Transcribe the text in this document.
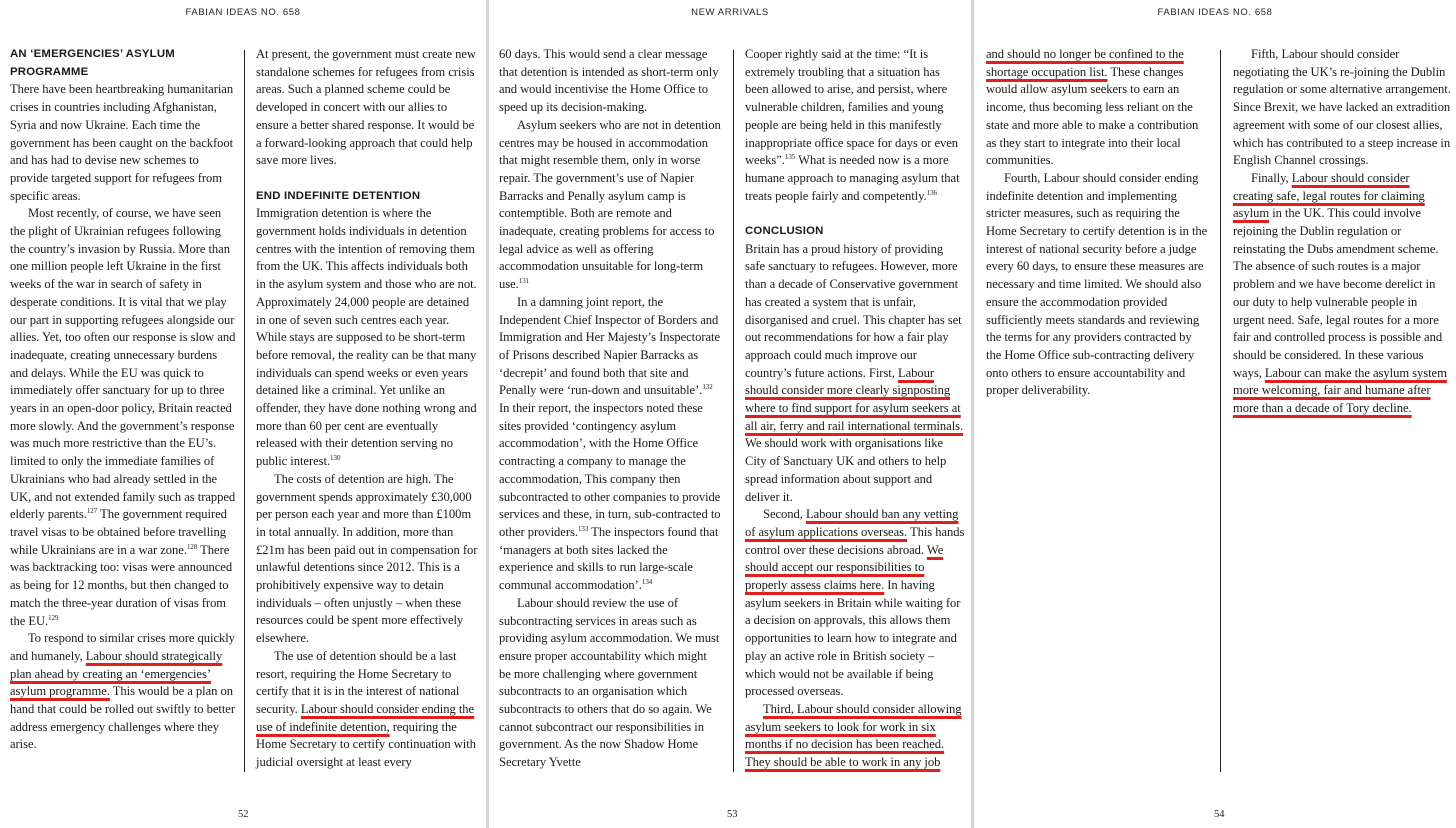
FABIAN IDEAS NO. 658
AN ‘EMERGENCIES’ ASYLUM PROGRAMME

There have been heartbreaking humanitarian crises in countries including Afghanistan, Syria and now Ukraine. Each time the government has been caught on the backfoot and has had to devise new schemes to provide targeted support for refugees from specific areas.

Most recently, of course, we have seen the plight of Ukrainian refugees following the country’s invasion by Russia. More than one million people left Ukraine in the first weeks of the war in search of safety in desperate conditions. It is vital that we play our part in supporting refugees alongside our allies. Yet, too often our response is slow and inadequate, creating unnecessary burdens and delays. While the EU was quick to immediately offer sanctuary for up to three years in an open-door policy, Britain reacted more slowly. And the government’s response was much more restrictive than the EU’s. limited to only the immediate families of Ukrainians who had already settled in the UK, and not extended family such as trapped elderly parents.$^{127}$ The government required travel visas to be obtained before travelling while Ukrainians are in a war zone.$^{128}$ There was backtracking too: visas were announced as being for 12 months, but then changed to match the three-year duration of visas from the EU.$^{129}$

To respond to similar crises more quickly and humanely, Labour should strategically plan ahead by creating an ‘emergencies’ asylum programme. This would be a plan on hand that could be rolled out swiftly to better address emergency challenges where they arise.

At present, the government must create new standalone schemes for refugees from crisis areas. Such a planned scheme could be developed in concert with our allies to ensure a better shared response. It would be a forward-looking approach that could help save more lives.

END INDEFINITE DETENTION

Immigration detention is where the government holds individuals in detention centres with the intention of removing them from the UK. This affects individuals both in the asylum system and those who are not. Approximately 24,000 people are detained in one of seven such centres each year. While stays are supposed to be short-term before removal, the reality can be that many individuals can spend weeks or even years detained like a criminal. Yet unlike an offender, they have done nothing wrong and more than 60 per cent are eventually released with their detention serving no public interest.$^{130}$

The costs of detention are high. The government spends approximately £30,000 per person each year and more than £100m in total annually. In addition, more than £21m has been paid out in compensation for unlawful detentions since 2012. This is a prohibitively expensive way to detain individuals – often unjustly – when these resources could be spent more effectively elsewhere.

The use of detention should be a last resort, requiring the Home Secretary to certify that it is in the interest of national security. Labour should consider ending the use of indefinite detention, requiring the Home Secretary to certify continuation with judicial oversight at least every

52
NEW ARRIVALS

60 days. This would send a clear message that detention is intended as short-term only and would incentivise the Home Office to speed up its decision-making.

Asylum seekers who are not in detention centres may be housed in accommodation that might resemble them, only in worse repair. The government’s use of Napier Barracks and Penally asylum camp is contemptible. Both are remote and inadequate, creating problems for access to legal advice as well as offering accommodation unsuitable for long-term use.$^{131}$

In a damning joint report, the Independent Chief Inspector of Borders and Immigration and Her Majesty’s Inspectorate of Prisons described Napier Barracks as ‘decrepit’ and found both that site and Penally were ‘run-down and unsuitable’.$^{132}$ In their report, the inspectors noted these sites provided ‘contingency asylum accommodation’, with the Home Office contracting a company to manage the accommodation, This company then subcontracted to other companies to provide services and these, in turn, sub-contracted to other providers.$^{133}$ The inspectors found that ‘managers at both sites lacked the experience and skills to run large-scale communal accommodation’.$^{134}$

Labour should review the use of subcontracting services in areas such as providing asylum accommodation. We must ensure proper accountability which might be more challenging where government subcontracts to an organisation which subcontracts to others that do so again. We cannot subcontract our responsibilities in government. As the now Shadow Home Secretary Yvette

Cooper rightly said at the time: “It is extremely troubling that a situation has been allowed to arise, and persist, where vulnerable children, families and young people are being held in this manifestly inappropriate office space for days or even weeks”.$^{135}$ What is needed now is a more humane approach to managing asylum that treats people fairly and competently.$^{136}$

CONCLUSION

Britain has a proud history of providing safe sanctuary to refugees. However, more than a decade of Conservative government has created a system that is unfair, disorganised and cruel. This chapter has set out recommendations for how a fair play approach could much improve our country’s future actions. First, Labour should consider more clearly signposting where to find support for asylum seekers at all air, ferry and rail international terminals. We should work with organisations like City of Sanctuary UK and others to help spread information about support and deliver it.

Second, Labour should ban any vetting of asylum applications overseas. This hands control over these decisions abroad. We should accept our responsibilities to properly assess claims here. In having asylum seekers in Britain while waiting for a decision on approvals, this allows them opportunities to learn how to integrate and play an active role in British society – which would not be available if being processed overseas.

Third, Labour should consider allowing asylum seekers to look for work in six months if no decision has been reached. They should be able to work in any job

53
FABIAN IDEAS NO. 658

and should no longer be confined to the shortage occupation list. These changes would allow asylum seekers to earn an income, thus becoming less reliant on the state and more able to make a contribution as they start to integrate into their local communities.

Fourth, Labour should consider ending indefinite detention and implementing stricter measures, such as requiring the Home Secretary to certify detention is in the interest of national security before a judge every 60 days, to ensure these measures are necessary and time limited. We should also ensure the accommodation provided sufficiently meets standards and reviewing the terms for any providers contracted by the Home Office sub-contracting delivery onto others to ensure accountability and proper deliverability.

Fifth, Labour should consider negotiating the UK’s re-joining the Dublin regulation or some alternative arrangement. Since Brexit, we have lacked an extradition agreement with some of our closest allies, which has contributed to a steep increase in English Channel crossings.

Finally, Labour should consider creating safe, legal routes for claiming asylum in the UK. This could involve rejoining the Dublin regulation or reinstating the Dubs amendment scheme. The absence of such routes is a major problem and we have become derelict in our duty to help vulnerable people in urgent need. Safe, legal routes for a more fair and controlled process is possible and should be considered. In these various ways, Labour can make the asylum system more welcoming, fair and humane after more than a decade of Tory decline.

54
